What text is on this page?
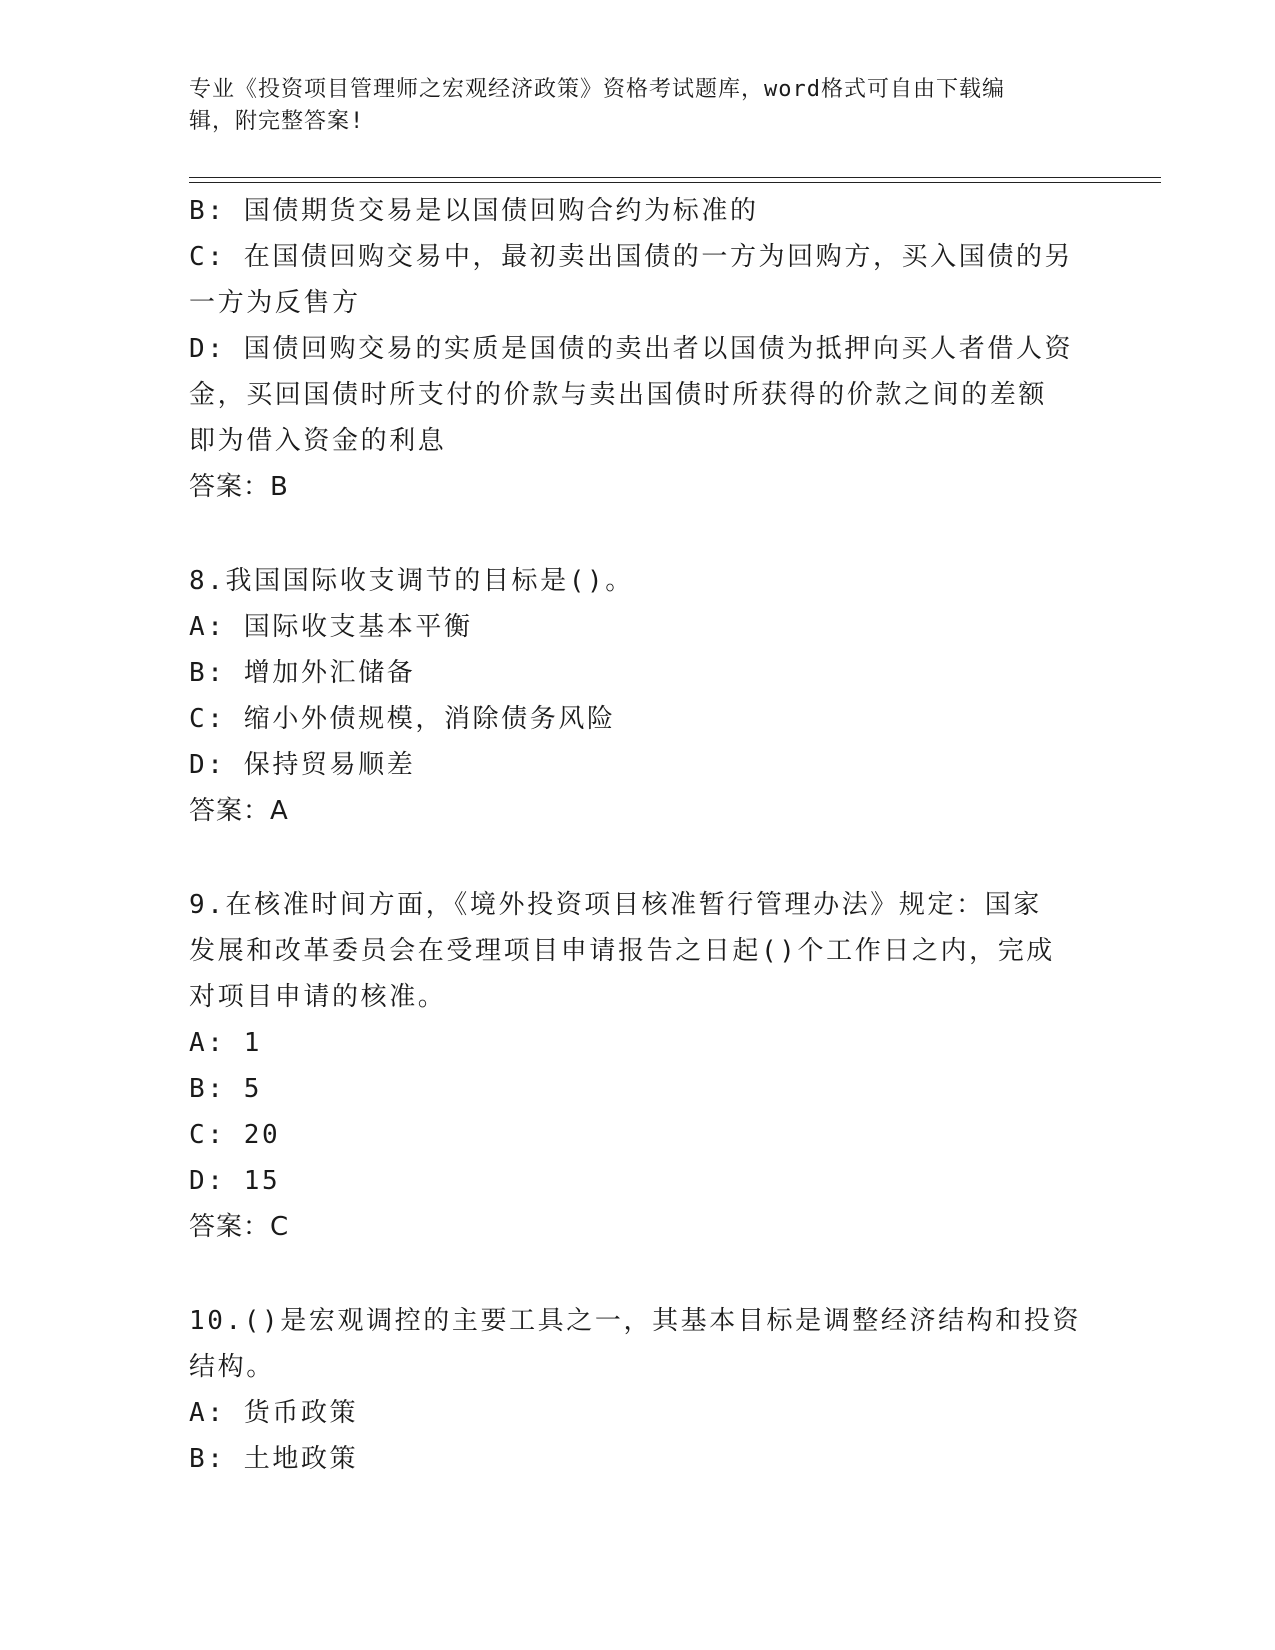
专业《投资项目管理师之宏观经济政策》资格考试题库，word格式可自由下载编
辑，附完整答案!
B: 国债期货交易是以国债回购合约为标准的
C: 在国债回购交易中，最初卖出国债的一方为回购方，买入国债的另
一方为反售方
D: 国债回购交易的实质是国债的卖出者以国债为抵押向买人者借人资
金，买回国债时所支付的价款与卖出国债时所获得的价款之间的差额
即为借入资金的利息
答案：B
8.我国国际收支调节的目标是()。
A: 国际收支基本平衡
B: 增加外汇储备
C: 缩小外债规模，消除债务风险
D: 保持贸易顺差
答案：A
9.在核准时间方面，《境外投资项目核准暂行管理办法》规定：国家
发展和改革委员会在受理项目申请报告之日起()个工作日之内，完成
对项目申请的核准。
A: 1
B: 5
C: 20
D: 15
答案：C
10.()是宏观调控的主要工具之一，其基本目标是调整经济结构和投资
结构。
A: 货币政策
B: 土地政策
